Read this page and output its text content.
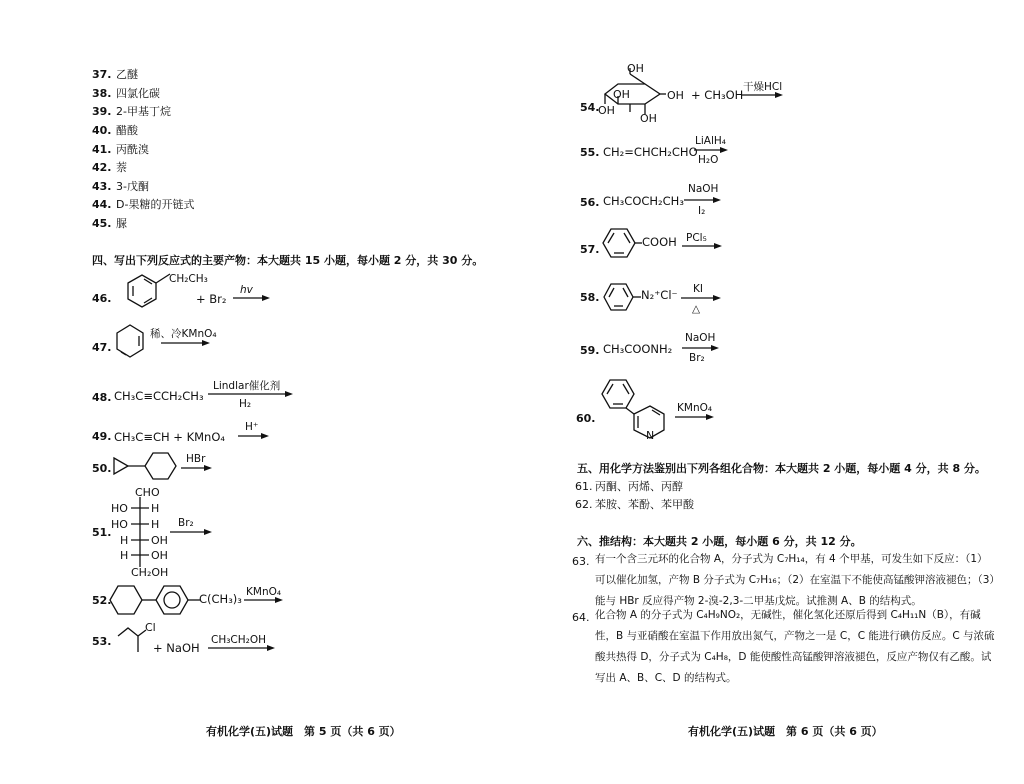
37. 乙醚
38. 四氯化碳
39. 2-甲基丁烷
40. 醋酸
41. 丙酰溴
42. 萘
43. 3-戊酮
44. D-果糖的开链式
45. 脲
四、写出下列反应式的主要产物：本大题共 15 小题，每小题 2 分，共 30 分。
46.
CH₂CH₃
+ Br₂
hv
47.
稀、冷KMnO₄
48. CH₃C≡CCH₂CH₃
Lindlar催化剂
H₂
49. CH₃C≡CH + KMnO₄
H⁺
50.
HBr
51.
CHO
HO H
HO H
H OH
H OH
CH₂OH
Br₂
52.	C(CH₃)₃ KMnO₄
53.
Cl
+ NaOH
CH₃CH₂OH
有机化学(五)试题　第 5 页（共 6 页）
54.
OH
OH
OH
OH
OH + CH₃OH
干燥HCl
55. CH₂=CHCH₂CHO
LiAlH₄
H₂O
56. CH₃COCH₂CH₃
NaOH
I₂
57.
COOH PCl₅
58.	N₂⁺Cl⁻ KI
△
59. CH₃COONH₂
NaOH
Br₂
60.
N
KMnO₄
五、用化学方法鉴别出下列各组化合物：本大题共 2 小题，每小题 4 分，共 8 分。
61. 丙酮、丙烯、丙醇
62. 苯胺、苯酚、苯甲酸
六、推结构：本大题共 2 小题，每小题 6 分，共 12 分。
63. 有一个含三元环的化合物 A，分子式为 C₇H₁₄，有 4 个甲基，可发生如下反应：（1）可以催化加氢，产物 B 分子式为 C₇H₁₆；（2）在室温下不能使高锰酸钾溶液褪色；（3）能与 HBr 反应得产物 2-溴-2,3-二甲基戊烷。试推测 A、B 的结构式。
64. 化合物 A 的分子式为 C₄H₉NO₂，无碱性，催化氢化还原后得到 C₄H₁₁N（B），有碱性，B 与亚硝酸在室温下作用放出氮气，产物之一是 C，C 能进行碘仿反应。C 与浓硫酸共热得 D，分子式为 C₄H₈，D 能使酸性高锰酸钾溶液褪色，反应产物仅有乙酸。试写出 A、B、C、D 的结构式。
有机化学(五)试题　第 6 页（共 6 页）
